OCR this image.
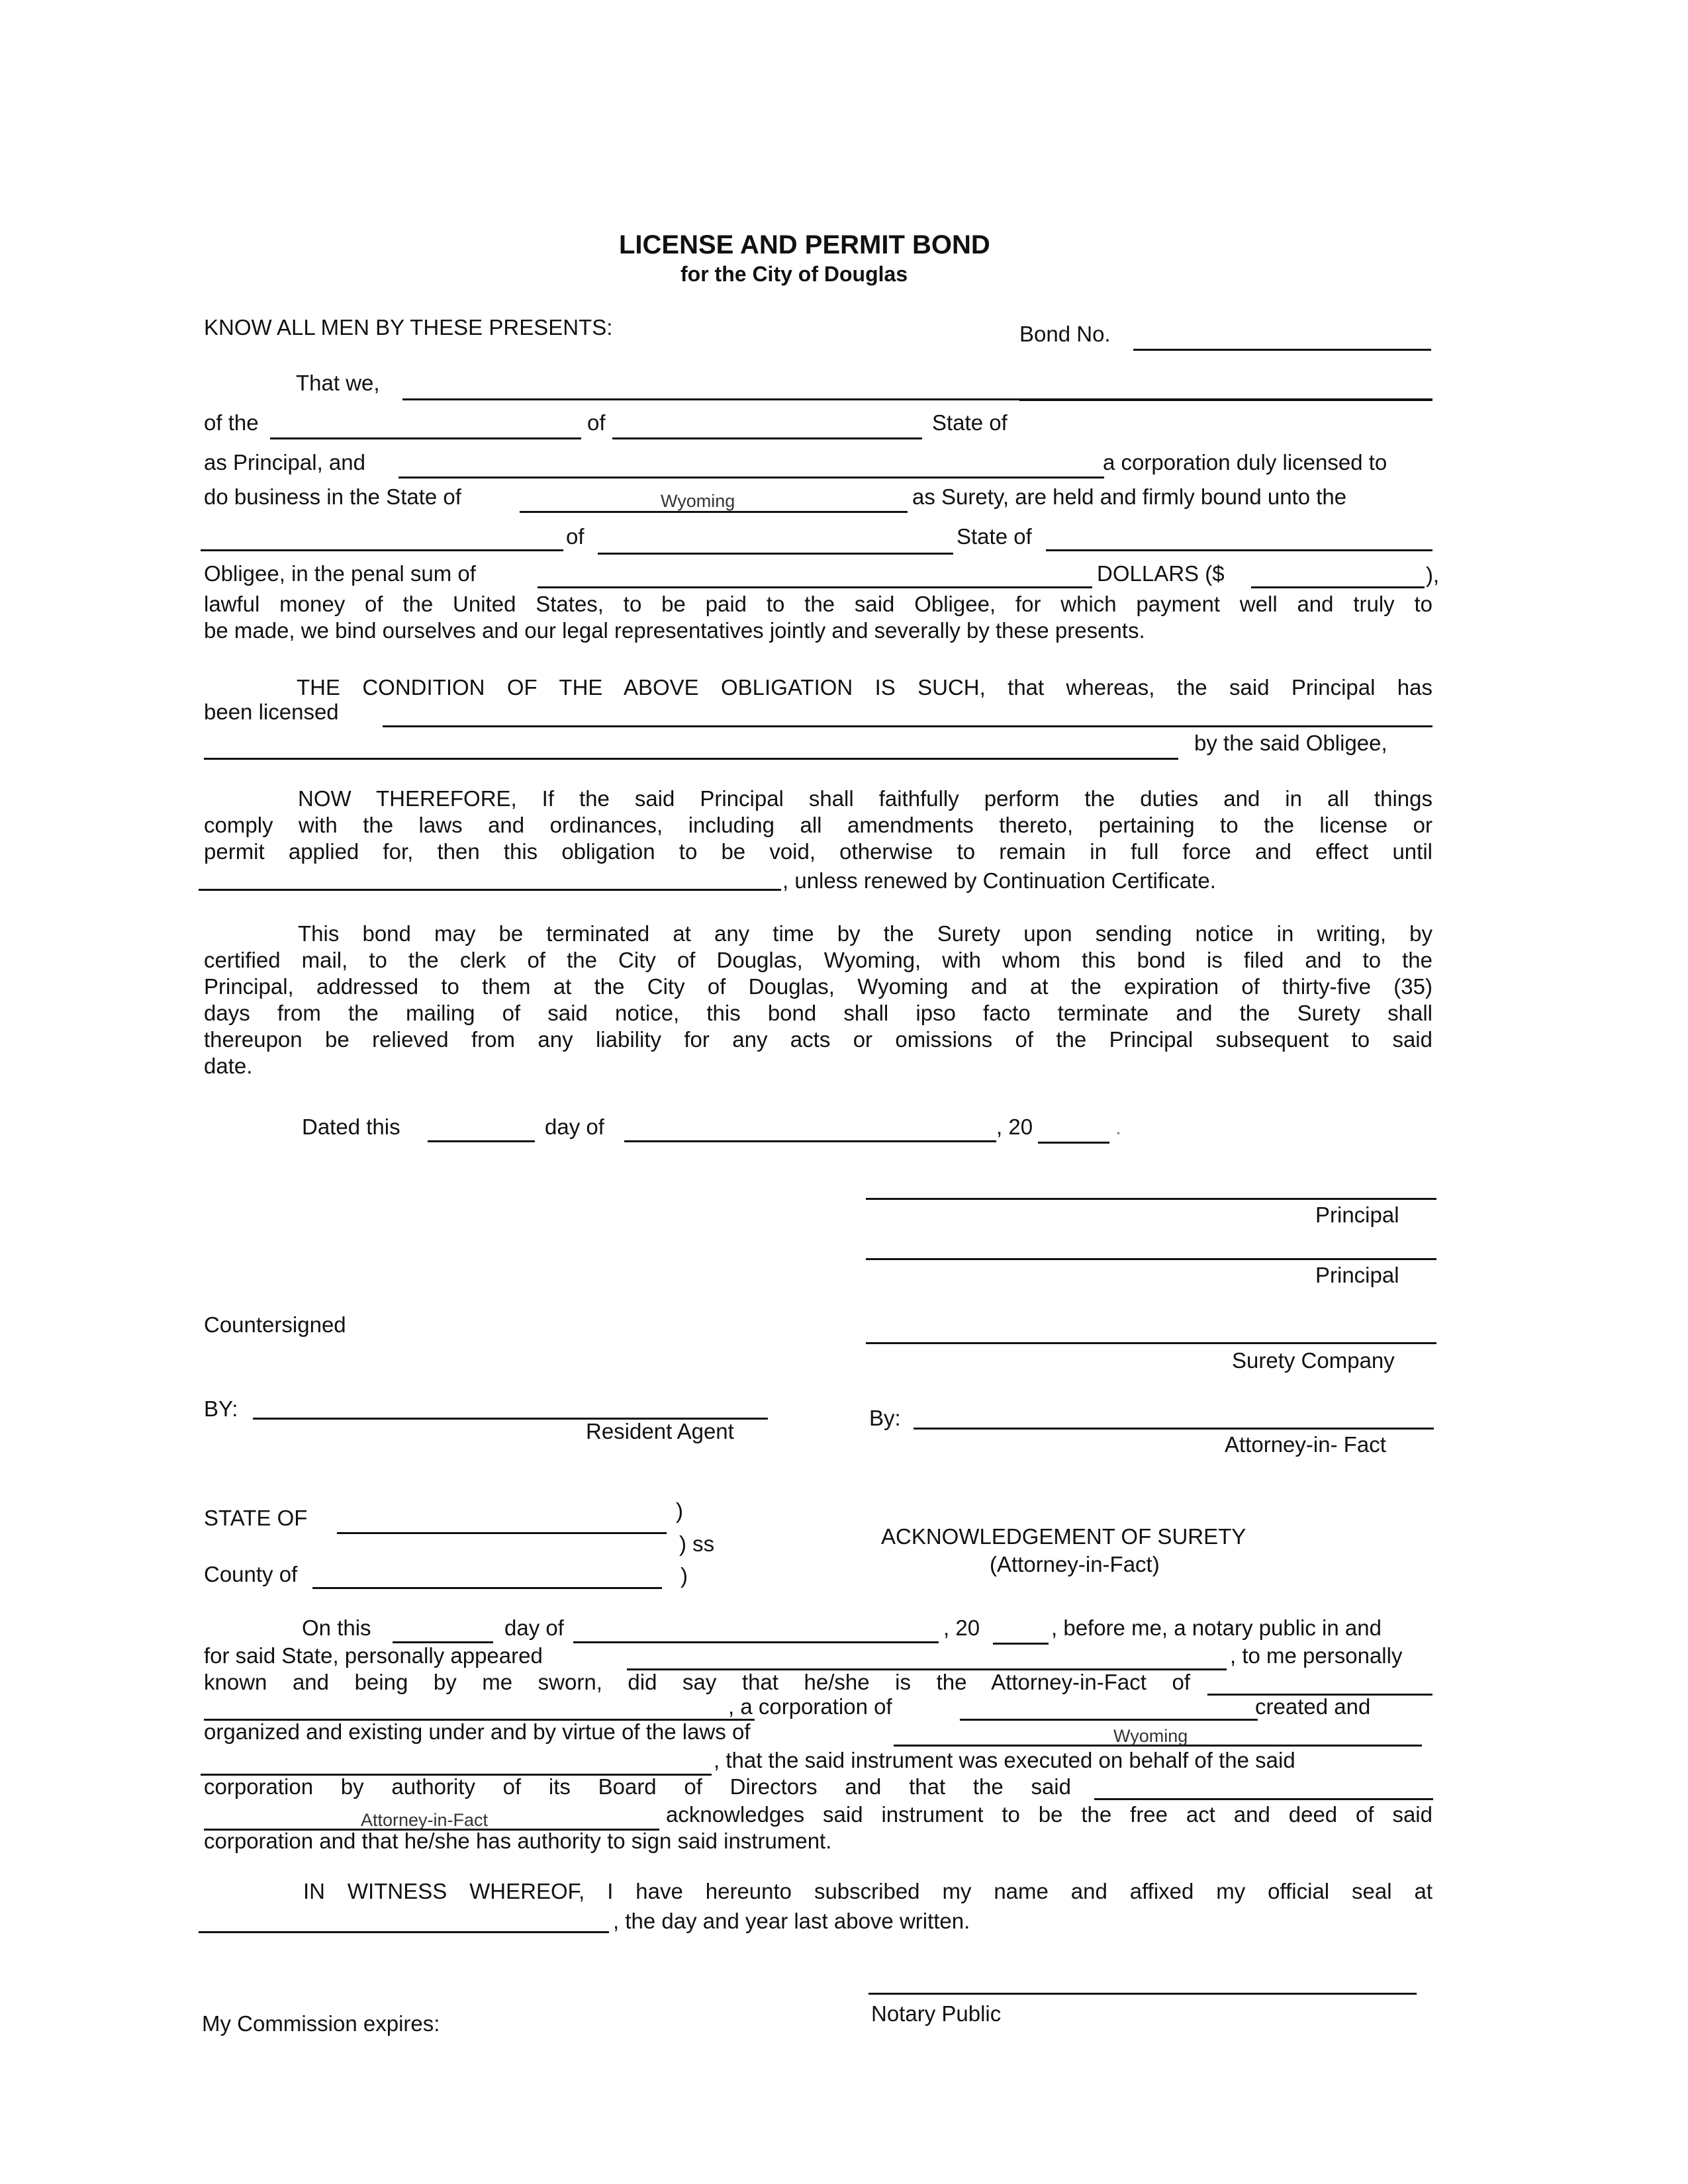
LICENSE AND PERMIT BOND
for the City of Douglas
KNOW ALL MEN BY THESE PRESENTS:	Bond No.
That we,
of the	of	State of
as Principal, and	a corporation duly licensed to
do business in the State of	Wyoming	as Surety, are held and firmly bound unto the
of	State of
Obligee, in the penal sum of	DOLLARS ($	),
lawful money of the United States, to be paid to the said Obligee, for which payment well and truly to
be made, we bind ourselves and our legal representatives jointly and severally by these presents.
THE CONDITION OF THE ABOVE OBLIGATION IS SUCH, that whereas, the said Principal has
been licensed
by the said Obligee,
NOW THEREFORE, If the said Principal shall faithfully perform the duties and in all things
comply with the laws and ordinances, including all amendments thereto, pertaining to the license or
permit applied for, then this obligation to be void, otherwise to remain in full force and effect until
, unless renewed by Continuation Certificate.
This bond may be terminated at any time by the Surety upon sending notice in writing, by
certified mail, to the clerk of the City of Douglas, Wyoming, with whom this bond is filed and to the
Principal, addressed to them at the City of Douglas, Wyoming and at the expiration of thirty-five (35)
days from the mailing of said notice, this bond shall ipso facto terminate and the Surety shall
thereupon be relieved from any liability for any acts or omissions of the Principal subsequent to said
date.
Dated this	day of	, 20	.
Principal
Principal
Countersigned
Surety Company
BY:
Resident Agent
By:
Attorney-in- Fact
STATE OF	)
) ss
County of	)
ACKNOWLEDGEMENT OF SURETY
(Attorney-in-Fact)
On this	day of	, 20	, before me, a notary public in and
for said State, personally appeared	, to me personally
known and being by me sworn, did say that he/she is the Attorney-in-Fact of
, a corporation of	created and
organized and existing under and by virtue of the laws of	Wyoming
, that the said instrument was executed on behalf of the said
corporation by authority of its Board of Directors and that the said
Attorney-in-Fact	acknowledges said instrument to be the free act and deed of said
corporation and that he/she has authority to sign said instrument.
IN WITNESS WHEREOF, I have hereunto subscribed my name and affixed my official seal at
, the day and year last above written.
Notary Public
My Commission expires:
